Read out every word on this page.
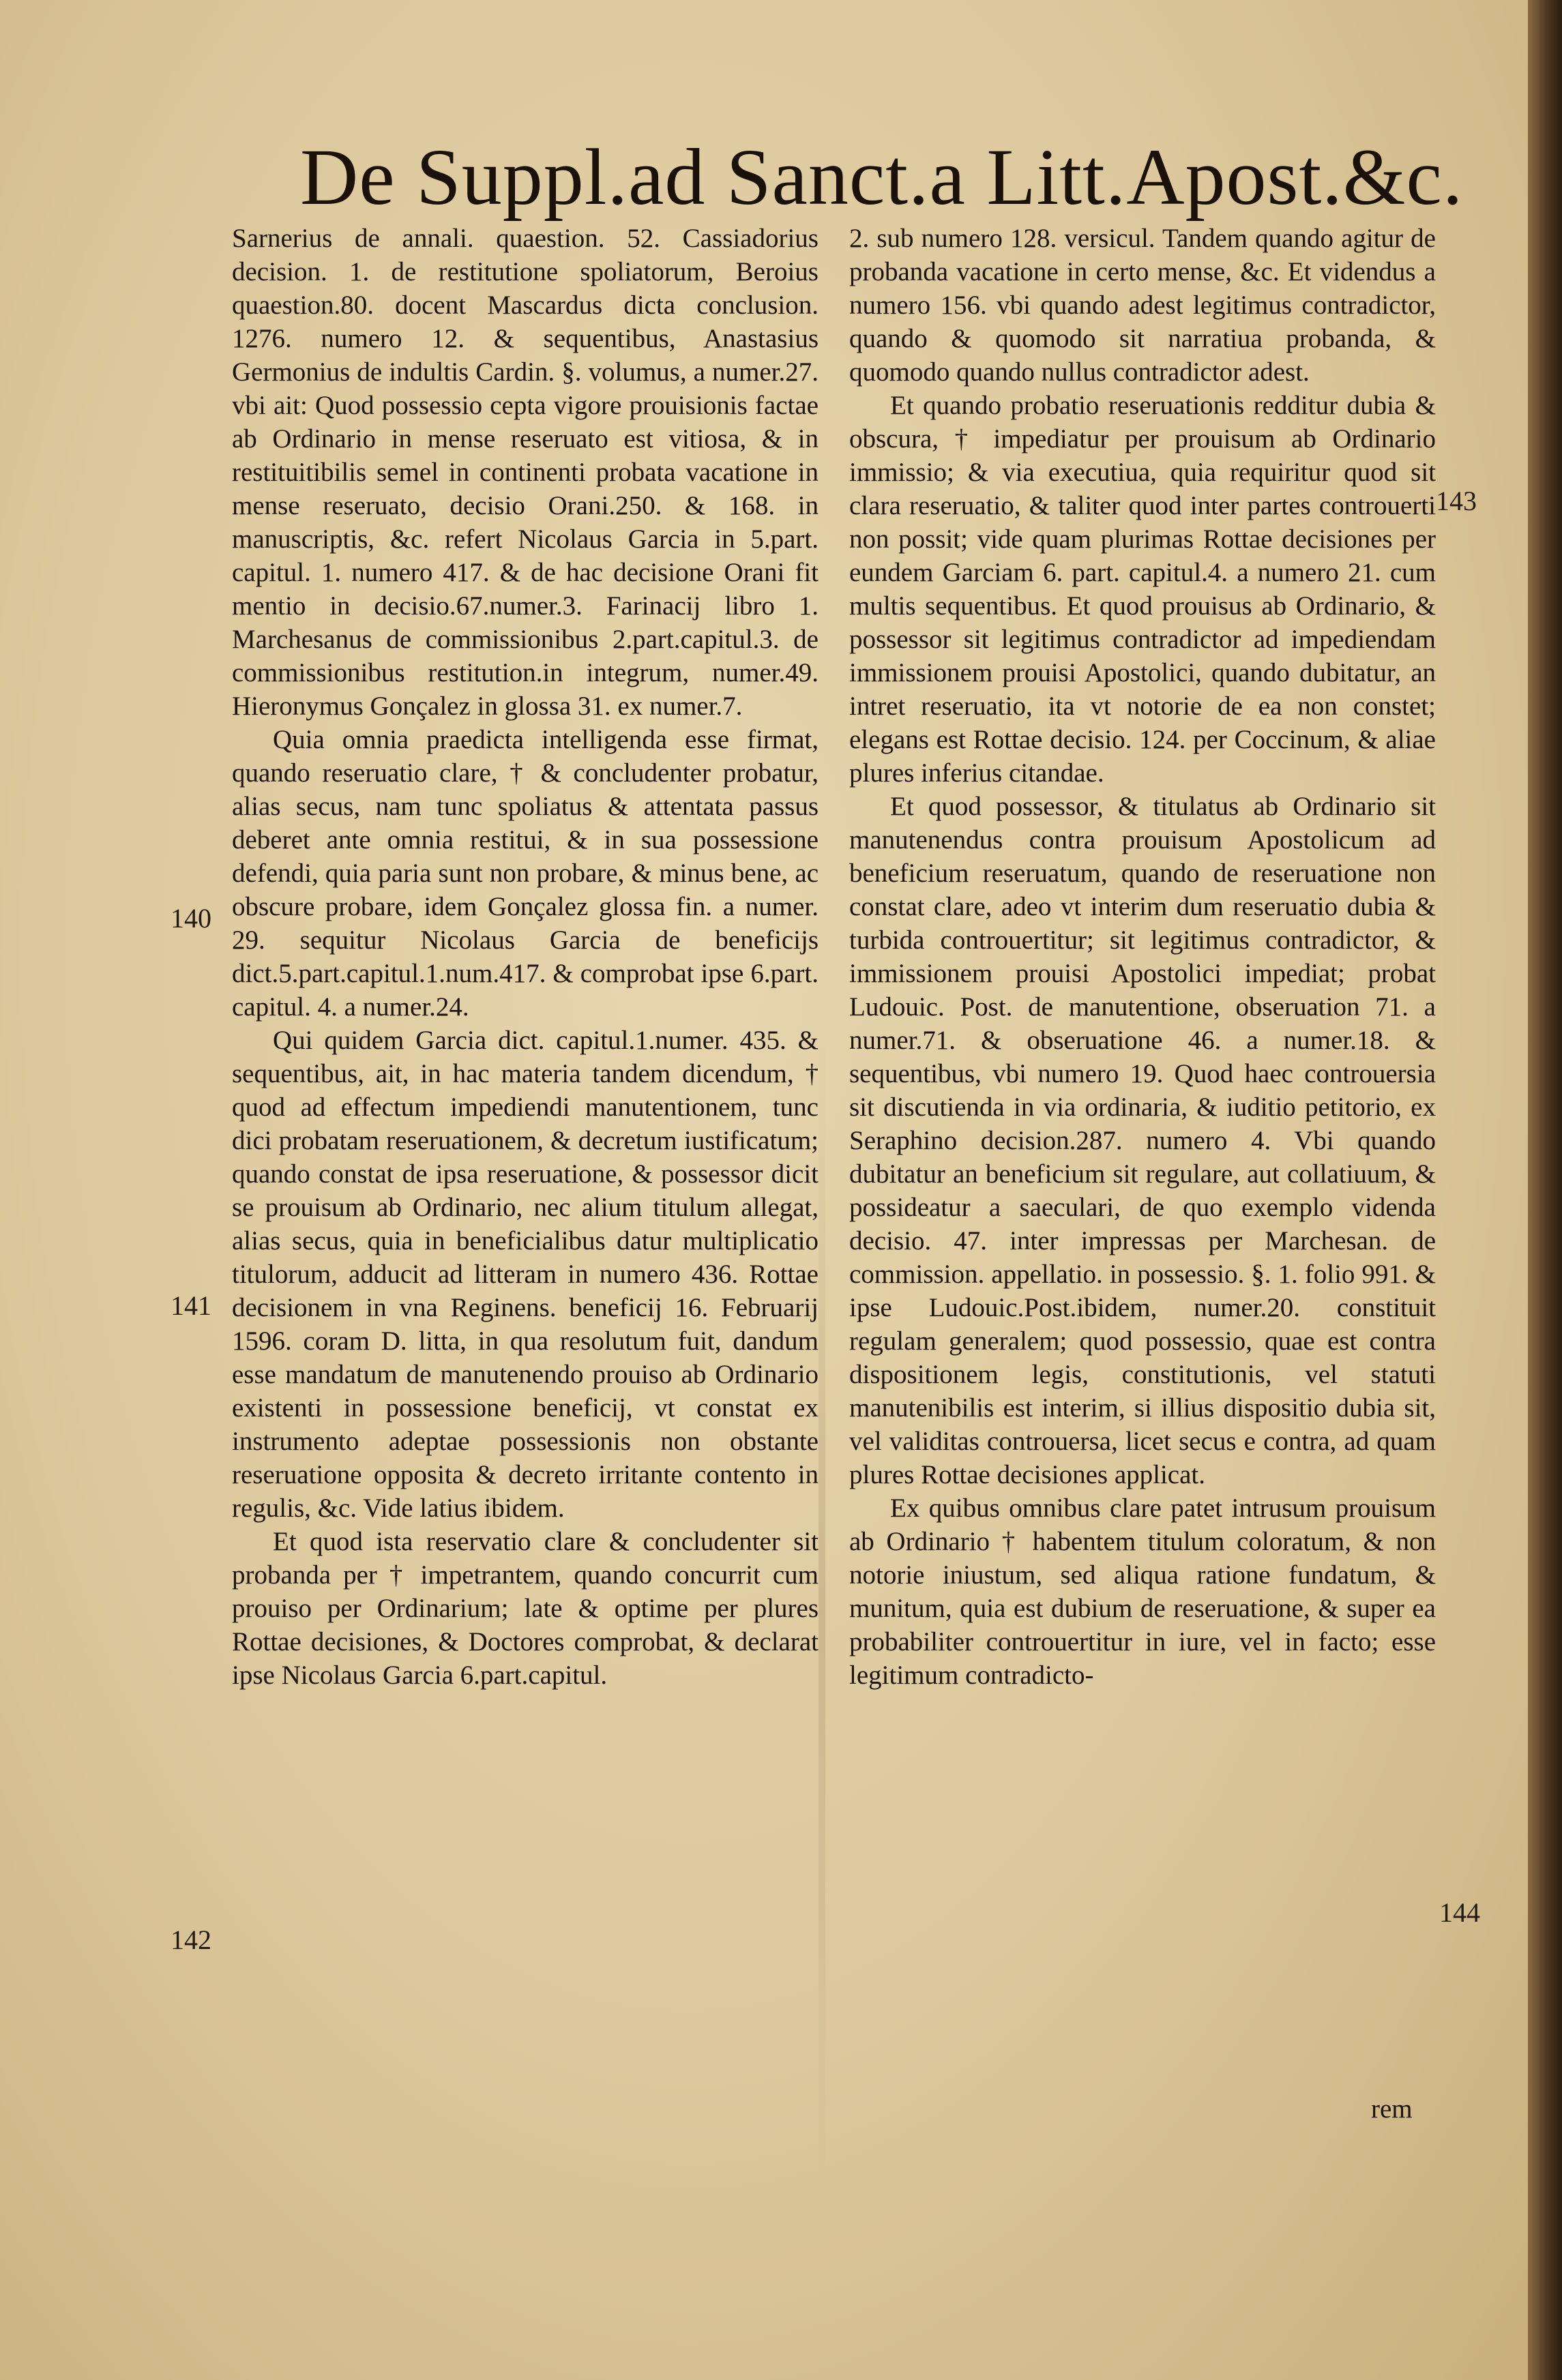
De Suppl.ad Sanct.a Litt.Apost.&c.

Sarnerius de annali. quaestion. 52. Cassiadorius decision. 1. de restitutione spoliatorum, Beroius quaestion.80. docent Mascardus dicta conclusion. 1276. numero 12. & sequentibus, Anastasius Germonius de indultis Cardin. §. volumus, a numer.27. vbi ait: Quod possessio cepta vigore prouisionis factae ab Ordinario in mense reseruato est vitiosa, & in restituitibilis semel in continenti probata vacatione in mense reseruato, decisio Orani.250. & 168. in manuscriptis, &c. refert Nicolaus Garcia in 5.part. capitul. 1. numero 417. & de hac decisione Orani fit mentio in decisio.67.numer.3. Farinacij libro 1. Marchesanus de commissionibus 2.part.capitul.3. de commissionibus restitution.in integrum, numer.49. Hieronymus Gonçalez in glossa 31. ex numer.7.

Quia omnia praedicta intelligenda esse firmat, quando reseruatio clare, † & concludenter probatur, alias secus, nam tunc spoliatus & attentata passus deberet ante omnia restitui, & in sua possessione defendi, quia paria sunt non probare, & minus bene, ac obscure probare, idem Gonçalez glossa fin. a numer. 29. sequitur Nicolaus Garcia de beneficijs dict.5.part.capitul.1.num.417. & comprobat ipse 6.part. capitul. 4. a numer.24.

Qui quidem Garcia dict. capitul.1.numer. 435. & sequentibus, ait, in hac materia tandem dicendum, † quod ad effectum impediendi manutentionem, tunc dici probatam reseruationem, & decretum iustificatum; quando constat de ipsa reseruatione, & possessor dicit se prouisum ab Ordinario, nec alium titulum allegat, alias secus, quia in beneficialibus datur multiplicatio titulorum, adducit ad litteram in numero 436. Rottae decisionem in vna Reginens. beneficij 16. Februarij 1596. coram D. litta, in qua resolutum fuit, dandum esse mandatum de manutenendo prouiso ab Ordinario existenti in possessione beneficij, vt constat ex instrumento adeptae possessionis non obstante reseruatione opposita & decreto irritante contento in regulis, &c. Vide latius ibidem.

Et quod ista reservatio clare & concludenter sit probanda per † impetrantem, quando concurrit cum prouiso per Ordinarium; late & optime per plures Rottae decisiones, & Doctores comprobat, & declarat ipse Nicolaus Garcia 6.part.capitul.

2. sub numero 128. versicul. Tandem quando agitur de probanda vacatione in certo mense, &c. Et videndus a numero 156. vbi quando adest legitimus contradictor, quando & quomodo sit narratiua probanda, & quomodo quando nullus contradictor adest.

Et quando probatio reseruationis redditur dubia & obscura, † impediatur per prouisum ab Ordinario immissio; & via executiua, quia requiritur quod sit clara reseruatio, & taliter quod inter partes controuerti non possit; vide quam plurimas Rottae decisiones per eundem Garciam 6. part. capitul.4. a numero 21. cum multis sequentibus. Et quod prouisus ab Ordinario, & possessor sit legitimus contradictor ad impediendam immissionem prouisi Apostolici, quando dubitatur, an intret reseruatio, ita vt notorie de ea non constet; elegans est Rottae decisio. 124. per Coccinum, & aliae plures inferius citandae.

Et quod possessor, & titulatus ab Ordinario sit manutenendus contra prouisum Apostolicum ad beneficium reseruatum, quando de reseruatione non constat clare, adeo vt interim dum reseruatio dubia & turbida controuertitur; sit legitimus contradictor, & immissionem prouisi Apostolici impediat; probat Ludouic. Post. de manutentione, obseruation 71. a numer.71. & obseruatione 46. a numer.18. & sequentibus, vbi numero 19. Quod haec controuersia sit discutienda in via ordinaria, & iuditio petitorio, ex Seraphino decision.287. numero 4. Vbi quando dubitatur an beneficium sit regulare, aut collatiuum, & possideatur a saeculari, de quo exemplo videnda decisio. 47. inter impressas per Marchesan. de commission. appellatio. in possessio. §. 1. folio 991. & ipse Ludouic.Post.ibidem, numer.20. constituit regulam generalem; quod possessio, quae est contra dispositionem legis, constitutionis, vel statuti manutenibilis est interim, si illius dispositio dubia sit, vel validitas controuersa, licet secus e contra, ad quam plures Rottae decisiones applicat.

Ex quibus omnibus clare patet intrusum prouisum ab Ordinario † habentem titulum coloratum, & non notorie iniustum, sed aliqua ratione fundatum, & munitum, quia est dubium de reseruatione, & super ea probabiliter controuertitur in iure, vel in facto; esse legitimum contradicto-

140
141
142
143
144
rem
